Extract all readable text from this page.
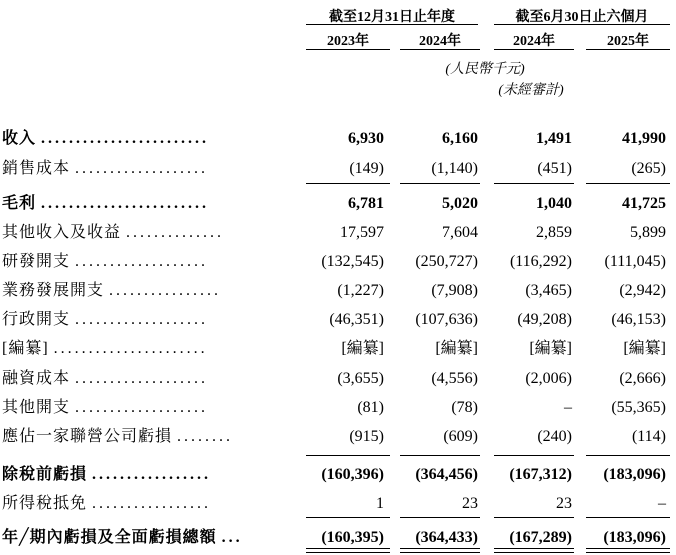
截至12月31日止年度	截至6月30日止六個月
2023年	2024年	2024年	2025年
(人民幣千元)
(未經審計)
收入 ........................	6,930	6,160	1,491	41,990
銷售成本 ...................	(149)	(1,140)	(451)	(265)
毛利 ........................	6,781	5,020	1,040	41,725
其他收入及收益 ..............	17,597	7,604	2,859	5,899
研發開支 ...................	(132,545)	(250,727)	(116,292)	(111,045)
業務發展開支 ................	(1,227)	(7,908)	(3,465)	(2,942)
行政開支 ...................	(46,351)	(107,636)	(49,208)	(46,153)
[編纂] ......................	[編纂]	[編纂]	[編纂]	[編纂]
融資成本 ...................	(3,655)	(4,556)	(2,006)	(2,666)
其他開支 ...................	(81)	(78)	–	(55,365)
應佔一家聯營公司虧損 ........	(915)	(609)	(240)	(114)
除稅前虧損 .................	(160,396)	(364,456)	(167,312)	(183,096)
所得稅抵免 .................	1	23	23	–
年╱期內虧損及全面虧損總額 ...	(160,395)	(364,433)	(167,289)	(183,096)
